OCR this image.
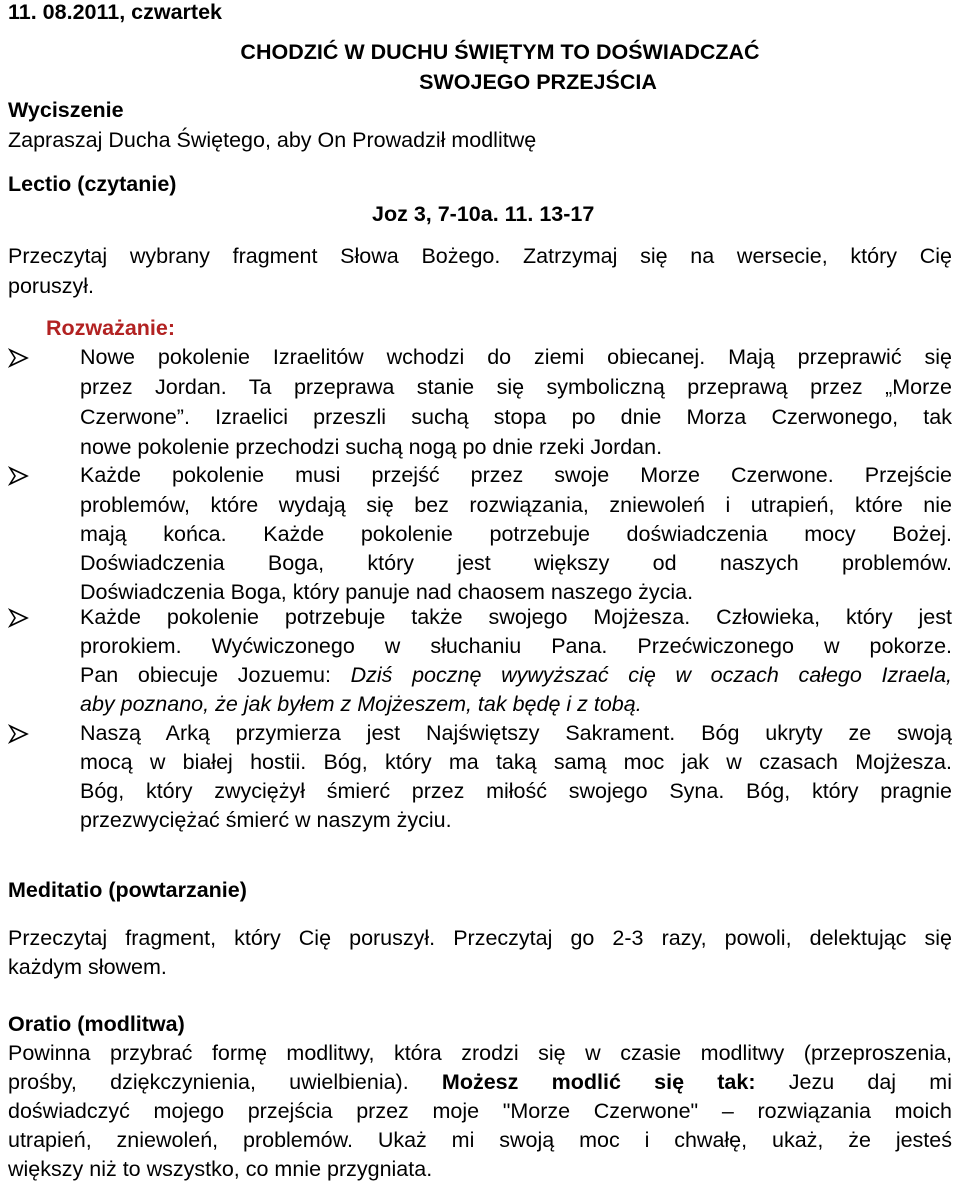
11. 08.2011, czwartek
CHODZIĆ W DUCHU ŚWIĘTYM TO DOŚWIADCZAĆ
SWOJEGO PRZEJŚCIA
Wyciszenie
Zapraszaj Ducha Świętego, aby On Prowadził modlitwę
Lectio (czytanie)
Joz 3, 7-10a. 11. 13-17
Przeczytaj wybrany fragment Słowa Bożego. Zatrzymaj się na wersecie, który Cię
poruszył.
Rozważanie:
Nowe pokolenie Izraelitów wchodzi do ziemi obiecanej. Mają przeprawić się
przez Jordan. Ta przeprawa stanie się symboliczną przeprawą przez „Morze
Czerwone”. Izraelici przeszli suchą stopa po dnie Morza Czerwonego, tak
nowe pokolenie przechodzi suchą nogą po dnie rzeki Jordan.
Każde pokolenie musi przejść przez swoje Morze Czerwone. Przejście
problemów, które wydają się bez rozwiązania, zniewoleń i utrapień, które nie
mają końca. Każde pokolenie potrzebuje doświadczenia mocy Bożej.
Doświadczenia Boga, który jest większy od naszych problemów.
Doświadczenia Boga, który panuje nad chaosem naszego życia.
Każde pokolenie potrzebuje także swojego Mojżesza. Człowieka, który jest
prorokiem. Wyćwiczonego w słuchaniu Pana. Przećwiczonego w pokorze.
Pan obiecuje Jozuemu: Dziś pocznę wywyższać cię w oczach całego Izraela,
aby poznano, że jak byłem z Mojżeszem, tak będę i z tobą.
Naszą Arką przymierza jest Najświętszy Sakrament. Bóg ukryty ze swoją
mocą w białej hostii. Bóg, który ma taką samą moc jak w czasach Mojżesza.
Bóg, który zwyciężył śmierć przez miłość swojego Syna. Bóg, który pragnie
przezwyciężać śmierć w naszym życiu.
Meditatio (powtarzanie)
Przeczytaj fragment, który Cię poruszył. Przeczytaj go 2-3 razy, powoli, delektując się
każdym słowem.
Oratio (modlitwa)
Powinna przybrać formę modlitwy, która zrodzi się w czasie modlitwy (przeproszenia,
prośby, dziękczynienia, uwielbienia). Możesz modlić się tak: Jezu daj mi
doświadczyć mojego przejścia przez moje "Morze Czerwone" – rozwiązania moich
utrapień, zniewoleń, problemów. Ukaż mi swoją moc i chwałę, ukaż, że jesteś
większy niż to wszystko, co mnie przygniata.
